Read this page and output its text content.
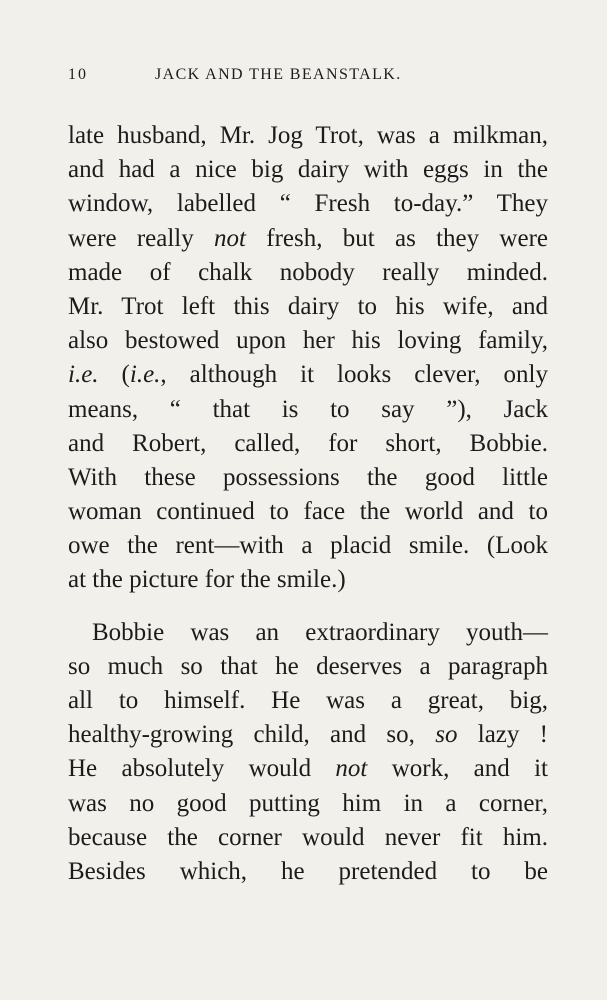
10	JACK AND THE BEANSTALK.
late husband, Mr. Jog Trot, was a milkman,
and had a nice big dairy with eggs in the
window, labelled “ Fresh to-day.” They
were really not fresh, but as they were
made of chalk nobody really minded.
Mr. Trot left this dairy to his wife, and
also bestowed upon her his loving family,
i.e. (i.e., although it looks clever, only
means, “ that is to say ”), Jack
and Robert, called, for short, Bobbie.
With these possessions the good little
woman continued to face the world and to
owe the rent—with a placid smile. (Look
at the picture for the smile.)
Bobbie was an extraordinary youth—
so much so that he deserves a paragraph
all to himself. He was a great, big,
healthy-growing child, and so, so lazy !
He absolutely would not work, and it
was no good putting him in a corner,
because the corner would never fit him.
Besides which, he pretended to be
